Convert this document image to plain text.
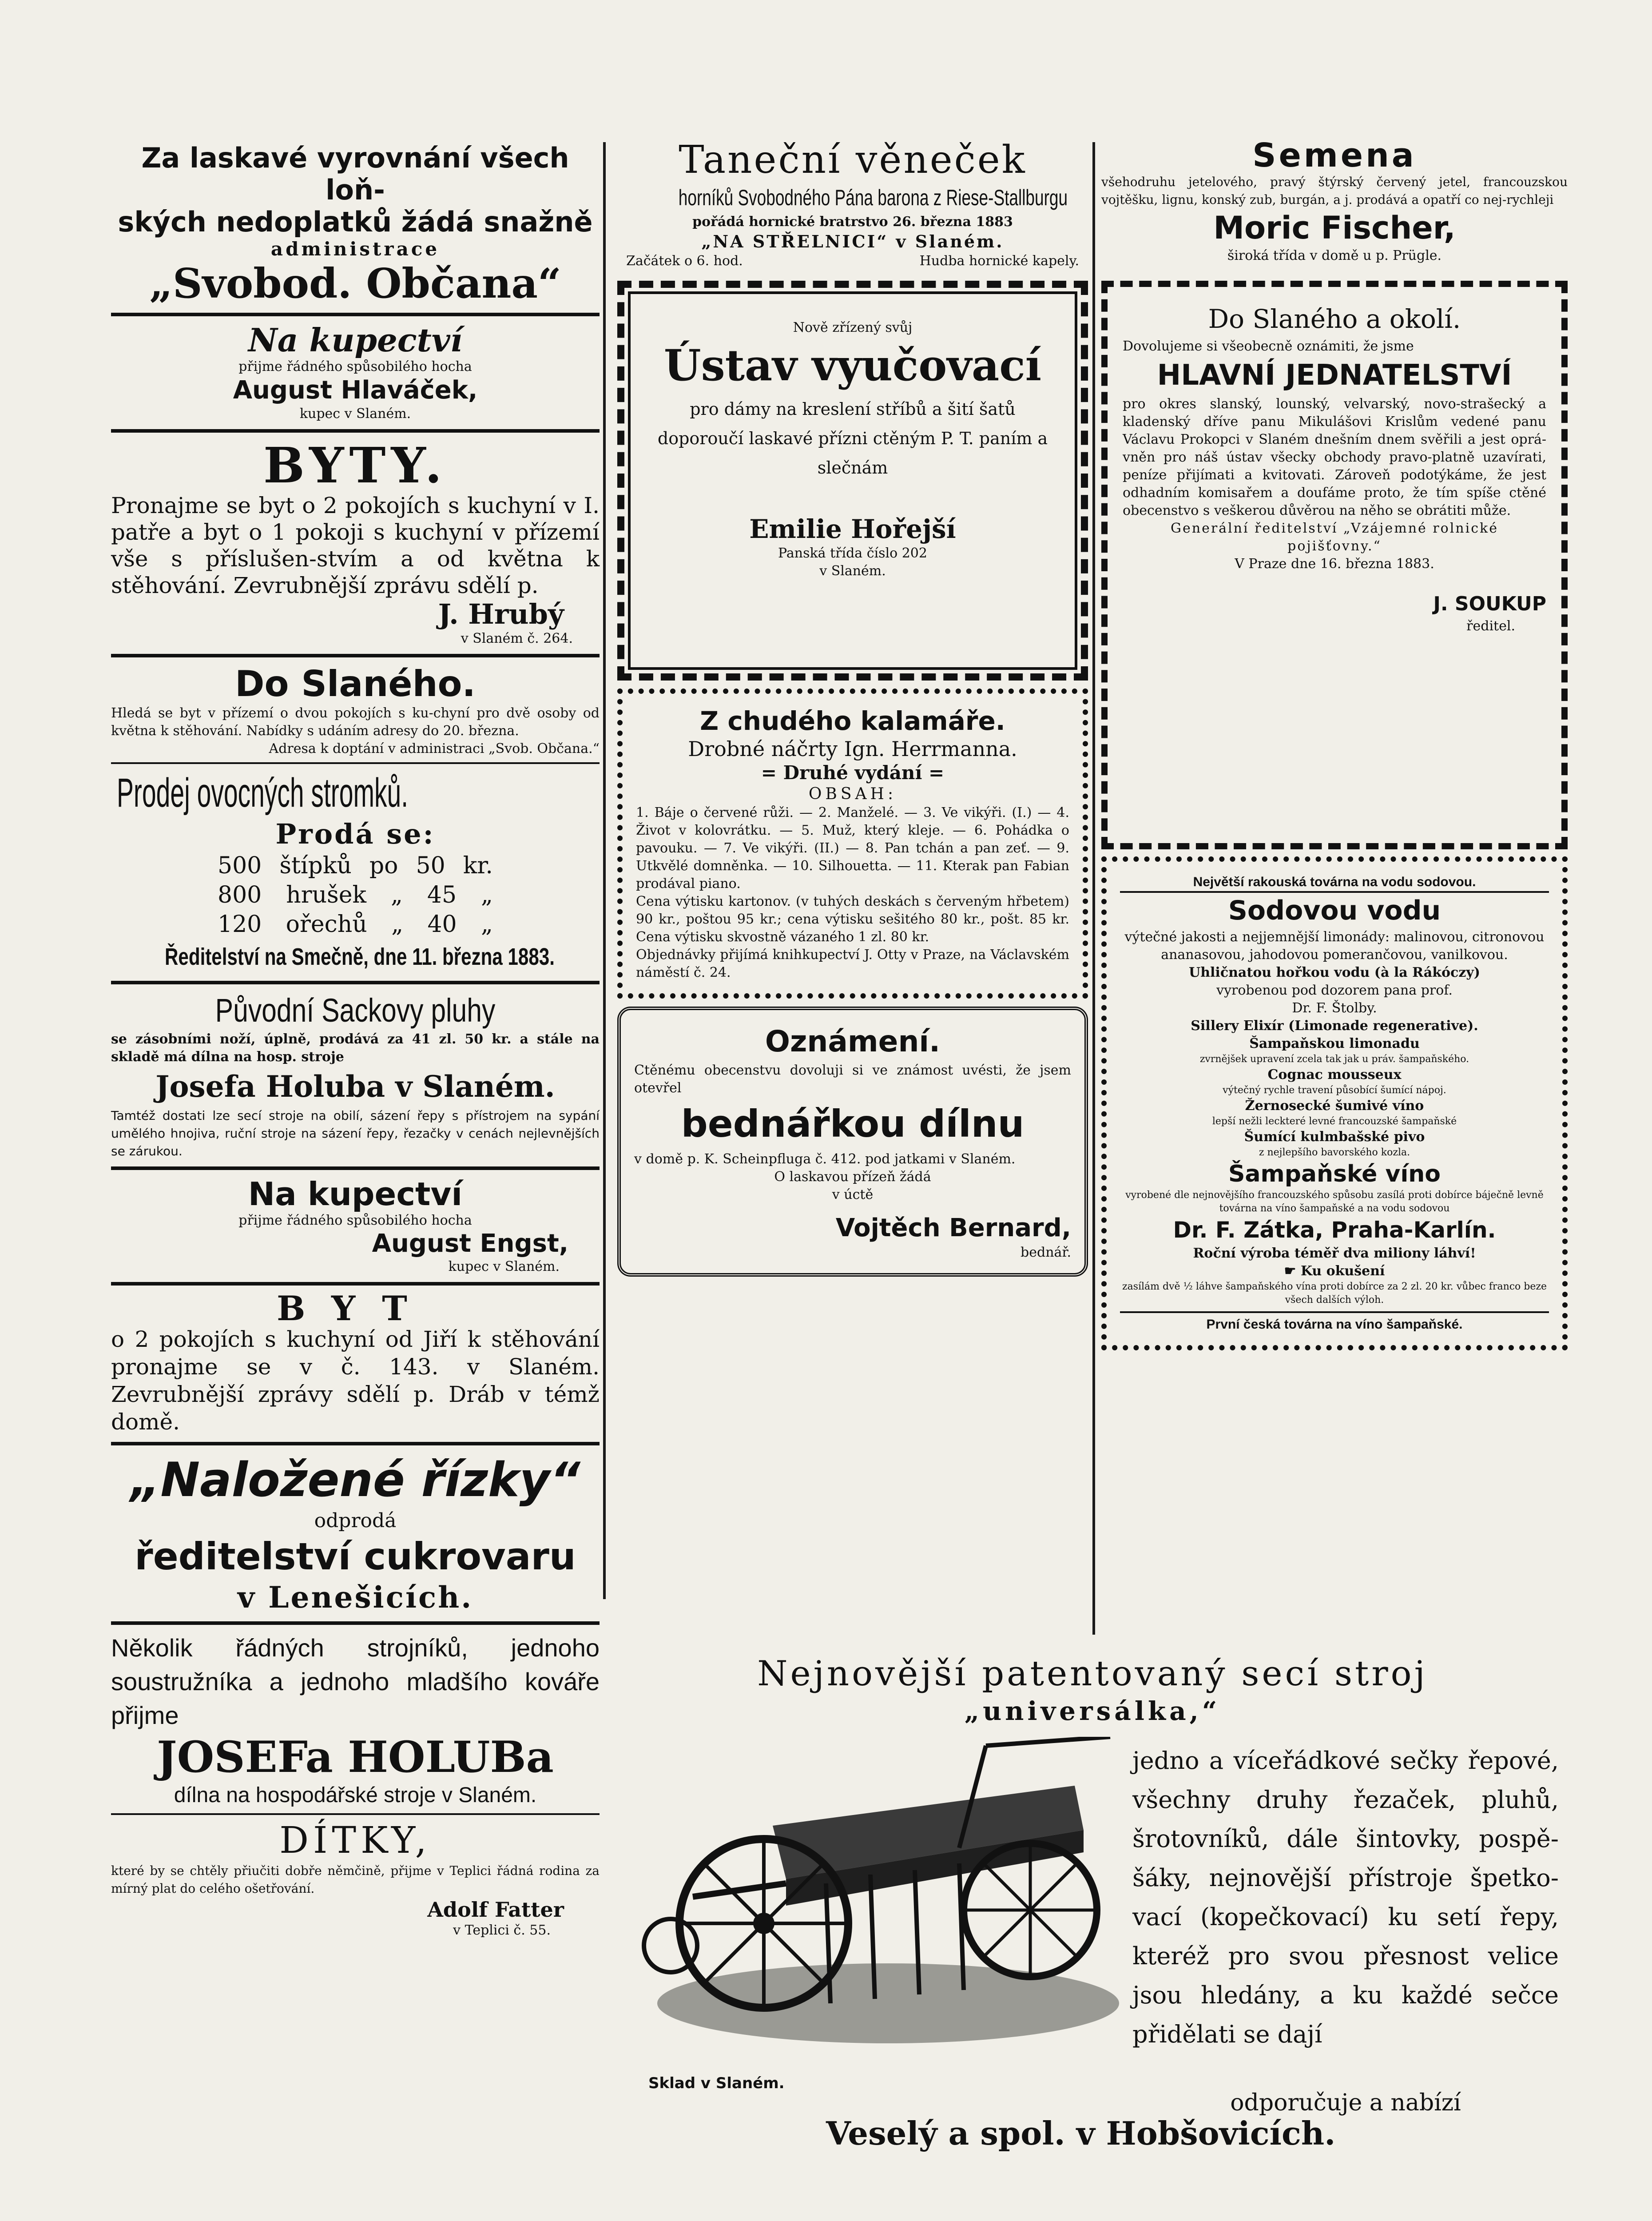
Za laskavé vyrovnání všech loň-
ských nedoplatků žádá snažně
administrace
„Svobod. Občana“
Na kupectví
přijme řádného spůsobilého hocha
August Hlaváček,
kupec v Slaném.
BYTY.
Pronajme se byt o 2 pokojích s kuchyní v I. patře a byt o 1 pokoji s kuchyní v přízemí vše s příslušen-stvím a od května k stěhování. Zevrubnější zprávu sdělí p.
J. Hrubý
v Slaném č. 264.
Do Slaného.
Hledá se byt v přízemí o dvou pokojích s ku-chyní pro dvě osoby od května k stěhování. Nabídky s udáním adresy do 20. března.
Adresa k doptání v administraci „Svob. Občana.“
Prodej ovocných stromků.
Prodá se:
500 štípků po 50 kr.
800 hrušek „ 45 „
120 ořechů „ 40 „
Ředitelství na Smečně, dne 11. března 1883.
Původní Sackovy pluhy
se zásobními noží, úplně, prodává za 41 zl. 50 kr. a stále na skladě má dílna na hosp. stroje
Josefa Holuba v Slaném.
Tamtéž dostati lze secí stroje na obilí, sázení řepy s přístrojem na sypání umělého hnojiva, ruční stroje na sázení řepy, řezačky v cenách nejlevnějších se zárukou.
Na kupectví
přijme řádného spůsobilého hocha
August Engst,
kupec v Slaném.
BYT
o 2 pokojích s kuchyní od Jiří k stěhování pronajme se v č. 143. v Slaném. Zevrubnější zprávy sdělí p. Dráb v témž domě.
„Naložené řízky“
odprodá
ředitelství cukrovaru
v Lenešicích.
Několik řádných strojníků, jednoho soustružníka a jednoho mladšího kováře přijme
JOSEFa HOLUBa
dílna na hospodářské stroje v Slaném.
DÍTKY,
které by se chtěly přiučiti dobře němčině, přijme v Teplici řádná rodina za mírný plat do celého ošetřování.
Adolf Fatter
v Teplici č. 55.
Taneční věneček
horníků Svobodného Pána barona z Riese-Stallburgu
pořádá hornické bratrstvo 26. března 1883
„NA STŘELNICI“ v Slaném.
Začátek o 6. hod.	Hudba hornické kapely.
Nově zřízený svůj
Ústav vyučovací
pro dámy na kreslení stříbů a šití šatů doporoučí laskavé přízni ctěným P. T. paním a slečnám
Emilie Hořejší
Panská třída číslo 202
v Slaném.
Z chudého kalamáře.
Drobné náčrty Ign. Herrmanna.
= Druhé vydání =
OBSAH:
1. Báje o červené růži. — 2. Manželé. — 3. Ve vikýři. (I.) — 4. Život v kolovrátku. — 5. Muž, který kleje. — 6. Pohádka o pavouku. — 7. Ve vikýři. (II.) — 8. Pan tchán a pan zeť. — 9. Utkvělé domněnka. — 10. Silhouetta. — 11. Kterak pan Fabian prodával piano.
Cena výtisku kartonov. (v tuhých deskách s červeným hřbetem) 90 kr., poštou 95 kr.; cena výtisku sešitého 80 kr., pošt. 85 kr. Cena výtisku skvostně vázaného 1 zl. 80 kr.
Objednávky přijímá knihkupectví J. Otty v Praze, na Václavském náměstí č. 24.
Oznámení.
Ctěnému obecenstvu dovoluji si ve známost uvésti, že jsem otevřel
bednářkou dílnu
v domě p. K. Scheinpfluga č. 412. pod jatkami v Slaném.
O laskavou přízeň žádá
v úctě
Vojtěch Bernard,
bednář.
Semena
všehodruhu jetelového, pravý štýrský červený jetel, francouzskou vojtěšku, lignu, konský zub, burgán, a j. prodává a opatří co nej-rychleji
Moric Fischer,
široká třída v domě u p. Prügle.
Do Slaného a okolí.
Dovolujeme si všeobecně oznámiti, že jsme
HLAVNÍ JEDNATELSTVÍ
pro okres slanský, lounský, velvarský, novo-strašecký a kladenský dříve panu Mikulášovi Krislům vedené panu Václavu Prokopci v Slaném dnešním dnem svěřili a jest oprá-vněn pro náš ústav všecky obchody pravo-platně uzavírati, peníze přijímati a kvitovati. Zároveň podotýkáme, že jest odhadním komisařem a doufáme proto, že tím spíše ctěné obecenstvo s veškerou důvěrou na něho se obrátiti může.
Generální ředitelství „Vzájemné rolnické pojišťovny.“
V Praze dne 16. března 1883.
J. SOUKUP
ředitel.
Největší rakouská továrna na vodu sodovou.
Sodovou vodu
výtečné jakosti a nejjemnější limonády: malinovou, citronovou ananasovou, jahodovou pomerančovou, vanilkovou.
Uhličnatou hořkou vodu (à la Rákóczy)
vyrobenou pod dozorem pana prof.
Dr. F. Štolby.
Sillery Elixír (Limonade regenerative).
Šampaňskou limonadu
zvrnějšek upravení zcela tak jak u práv. šampaňského.
Cognac mousseux
výtečný rychle travení působící šumící nápoj.
Žernosecké šumivé víno
lepší nežli leckteré levné francouzské šampaňské
Šumící kulmbašské pivo
z nejlepšího bavorského kozla.
Šampaňské víno
vyrobené dle nejnovějšího francouzského spůsobu zasílá proti dobírce báječně levně továrna na víno šampaňské a na vodu sodovou
Dr. F. Zátka, Praha-Karlín.
Roční výroba téměř dva miliony láhví!
☛ Ku okušení
zasílám dvě ½ láhve šampaňského vína proti dobírce za 2 zl. 20 kr. vůbec franco beze všech dalších výloh.
První česká továrna na víno šampaňské.
Nejnovější patentovaný secí stroj
„universálka,“
Sklad v Slaném.
jedno a víceřádkové sečky řepové, všechny druhy řezaček, pluhů, šrotovníků, dále šintovky, pospě-šáky, nejnovější přístroje špetko-vací (kopečkovací) ku setí řepy, kteréž pro svou přesnost velice jsou hledány, a ku každé sečce přidělati se dají
odporučuje a nabízí
Veselý a spol. v Hobšovicích.
